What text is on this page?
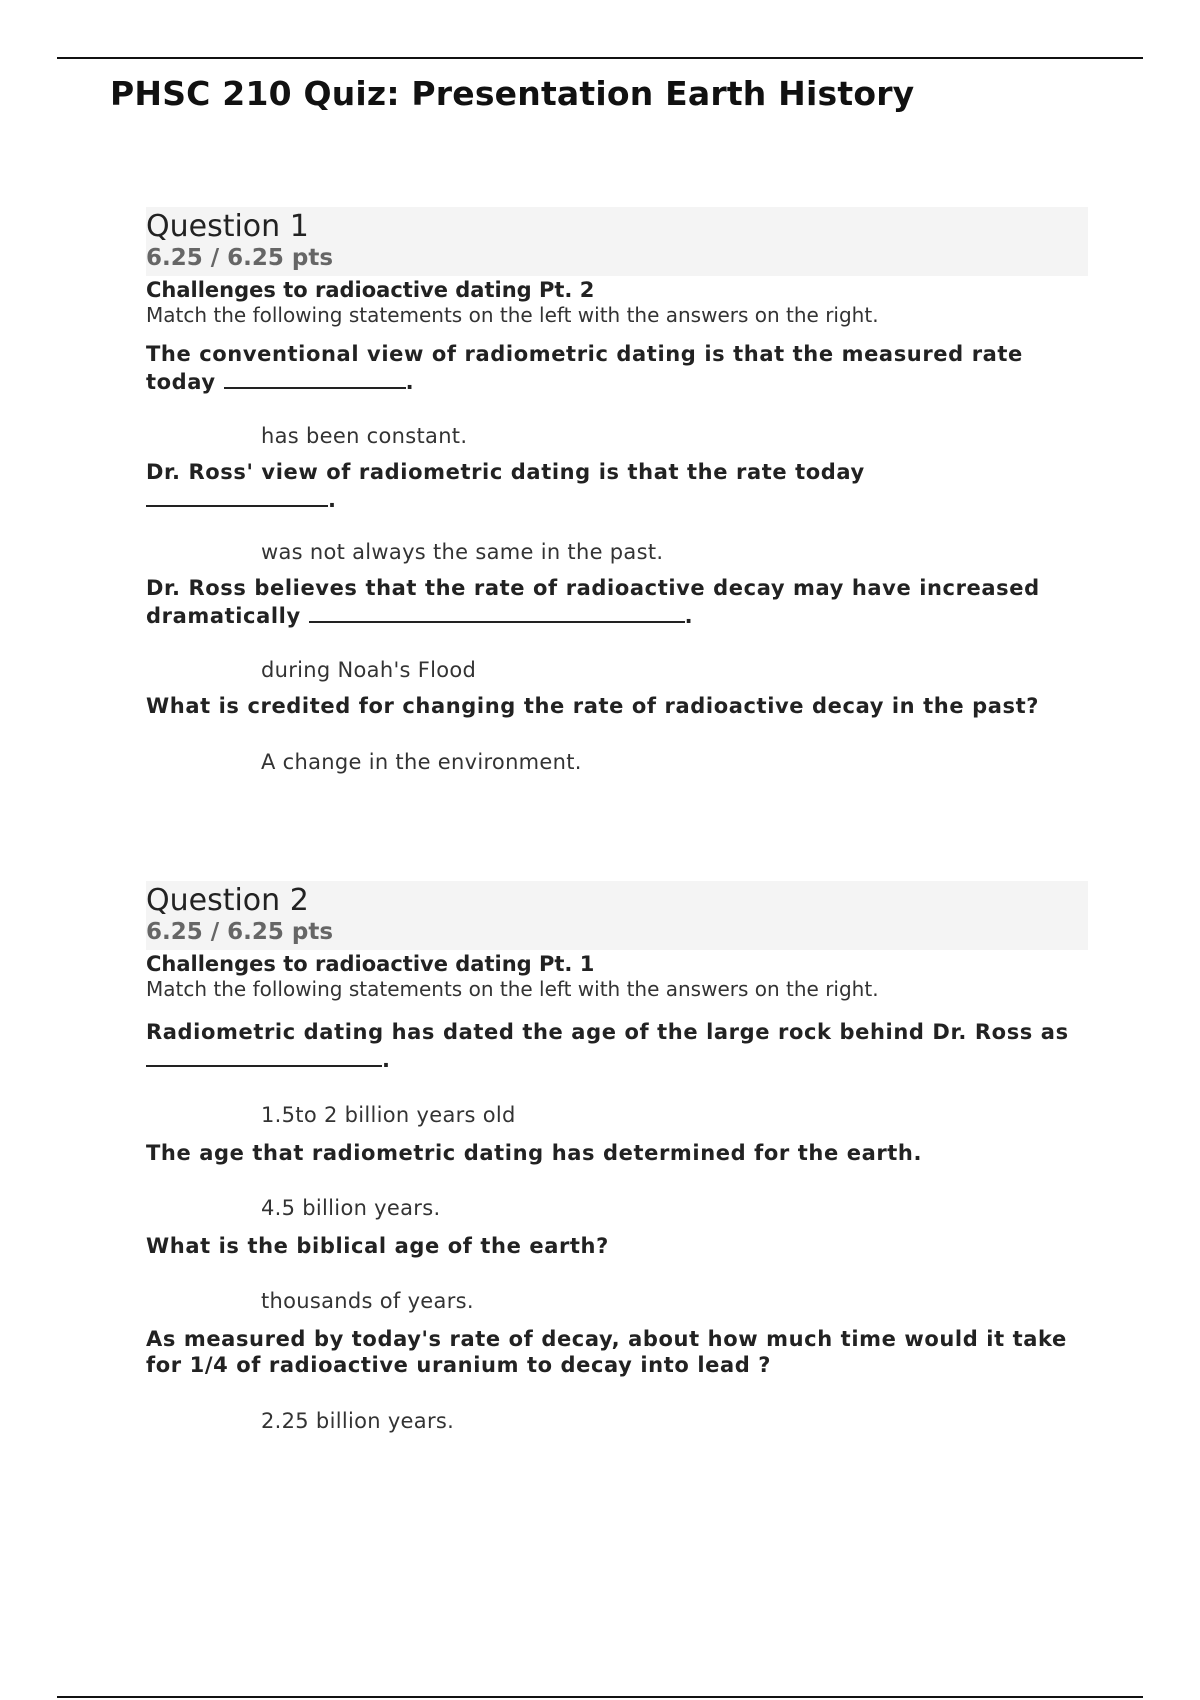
PHSC 210 Quiz: Presentation Earth History
Question 1
6.25 / 6.25 pts
Challenges to radioactive dating Pt. 2
Match the following statements on the left with the answers on the right.
The conventional view of radiometric dating is that the measured rate today	.
has been constant.
Dr. Ross' view of radiometric dating is that the rate today .
was not always the same in the past.
Dr. Ross believes that the rate of radioactive decay may have increased dramatically	.
during Noah's Flood
What is credited for changing the rate of radioactive decay in the past?
A change in the environment.
Question 2
6.25 / 6.25 pts
Challenges to radioactive dating Pt. 1
Match the following statements on the left with the answers on the right.
Radiometric dating has dated the age of the large rock behind Dr. Ross as .
1.5to 2 billion years old
The age that radiometric dating has determined for the earth.
4.5 billion years.
What is the biblical age of the earth?
thousands of years.
As measured by today's rate of decay, about how much time would it take for 1/4 of radioactive uranium to decay into lead ?
2.25 billion years.
